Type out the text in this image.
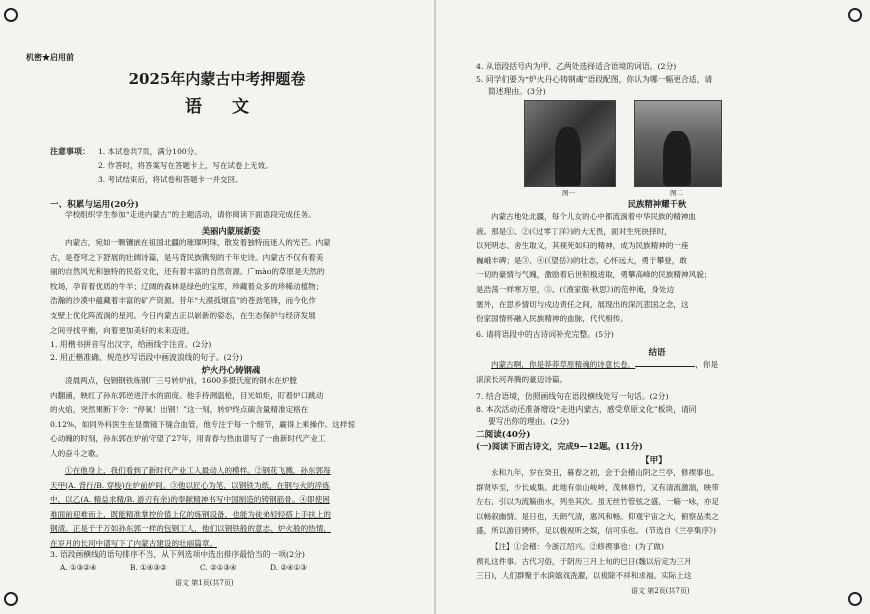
机密★启用前
2025年内蒙古中考押题卷
语文
注意事项： 1. 本试卷共7页，满分100分。
2. 作答时，将答案写在答题卡上，写在试卷上无效。
3. 考试结束后，将试卷和答题卡一并交回。
一、积累与运用(20分)
学校组织学生参加“走进内蒙古”的主题活动，请你阅读下面语段完成任务。
美丽内蒙展新姿
内蒙古，宛如一颗镶嵌在祖国北疆的璀璨明珠，散发着独特而迷人的光芒。内蒙
古，是苍穹之下舒展的壮阔诗篇，是马背民族镌刻的千年史诗。内蒙古不仅有着美
丽的自然风光和独特的民俗文化，还有着丰富的自然资源。广mào的草原是天然的
牧场，孕育着优质的牛羊；辽阔的森林是绿色的宝库，珍藏着众多的珍稀动植物；
浩瀚的沙漠中蕴藏着丰富的矿产资源。昔年“大漠孤烟直”的苍劲笔锋，而今化作
支壁上优化阵流淌的星河。今日内蒙古正以崭新的姿态，在生态保护与经济发展
之间寻找平衡，向着更加美好的未来迈进。
1. 用楷书拼音写出汉字，给画线字注音。(2分)
2. 用正楷准确、规范抄写语段中画波浪线的句子。(2分)
炉火丹心铸钢魂
凌晨两点，包钢钢铁炼钢厂三号转炉前，1600多摄氏度的钢水在炉膛
内翻涌，映红了孙东郭逆进汗水的面庞。他手持测温枪，目光如炬，盯着炉口跳动
的火焰，突然果断下令：“停氧！出钢！”这一刻，转炉终点碳含量精准定格在
0.12%，如同外科医生在显微镜下缝合血管，他专注于每一个细节，赢得上乘操作。这样惊
心动魄的时刻，孙东郭在炉前守望了27年，用青春与热血谱写了一曲新时代产业工
人的奋斗之歌。
①在他身上，我们看到了新时代产业工人最动人的模样。②钢花飞溅，孙东郭每
天甲(A. 背行/B. 穿梭)在炉前炉间。③他以匠心为笔，以钢铁为纸，在钢与火的淬炼
中，以乙(A. 精益求精/B. 游刃有余)的奉献精神书写中国制造的铸钢筋骨。④即使困
难面前迎难而上，既能精准掌控价值上亿的炼钢设备，也能为徒弟轻轻搭上手扶上的
钢渣。正是千千万如孙东郭一样的包钢工人，他们以钢铁般的意志、炉火般的热情，
在岁月的长河中谱写下了内蒙古建设的壮丽篇章。
3. 语段画横线的语句排序不当，从下列选项中选出排序最恰当的一项(2分)
A. ①③②④	B. ①④③②	C. ②①③④	D. ②④①③
语文 第1页(共7页)
4. 从语段括号内为甲、乙两处选择适合语境的词语。(2分)
5. 同学们要为“炉火丹心铸钢魂”语段配图，你认为哪一幅更合适，请
简述理由。(3分)
图一	图二
民族精神耀千秋
内蒙古地处北疆，每个儿女的心中都流淌着中华民族的精神血
液。那是①、②(《过零丁洋》)的大无畏，面对生死抉择时，
以死明志、舍生取义，其视死如归的精神，成为民族精神的一座
巍峨丰碑；是③、④(《望岳》)的壮志，心怀远大，勇于攀登，敢
一切的豪情与气魄，激励着后世积极进取，勇攀高峰的民族精神风貌；
是浩荡一样寒万里，⑤、(《渔家傲·秋思》)的范仲淹，身处边
塞外，在思乡情切与戍边责任之间，展现出的深沉悲国之念，这
份家国情怀融入民族精神的血脉，代代相传。
6. 请将语段中的古诗词补充完整。(5分)
结语
内蒙古啊，你是莽莽草原精魂的诗意长卷，	，你是
滚滚长河奔腾的豪迈诗篇。
7. 结合语境，仿照画线句在语段横线处写一句话。(2分)
8. 本次活动还准备增设“走进内蒙古，感受草原文化”板块，请同
要写出你的理由。(2分)
二阅读(40分)
(一)阅读下面古诗文，完成9—12题。(11分)
【甲】
永和九年，岁在癸丑，暮春之初，会于会稽山阴之兰亭，修禊事也。
群贤毕至，少长咸集。此地有崇山峻岭，茂林修竹，又有清流激湍，映带
左右，引以为流觞曲水，列坐其次。虽无丝竹管弦之盛，一觞一咏，亦足
以畅叙幽情。是日也，天朗气清，惠风和畅。仰观宇宙之大，俯察品类之
盛，所以游目骋怀，足以极视听之娱，信可乐也。 (节选自《兰亭集序》)
【注】①会稽：今浙江绍兴。②修禊事也：(为了做)
禊礼这件事。古代习俗，于阴历三月上旬的巳日(魏以后定为三月
三日)，人们群聚于水滨嬉戏洗濯，以祓除不祥和求福。实际上这
语文 第2页(共7页)
